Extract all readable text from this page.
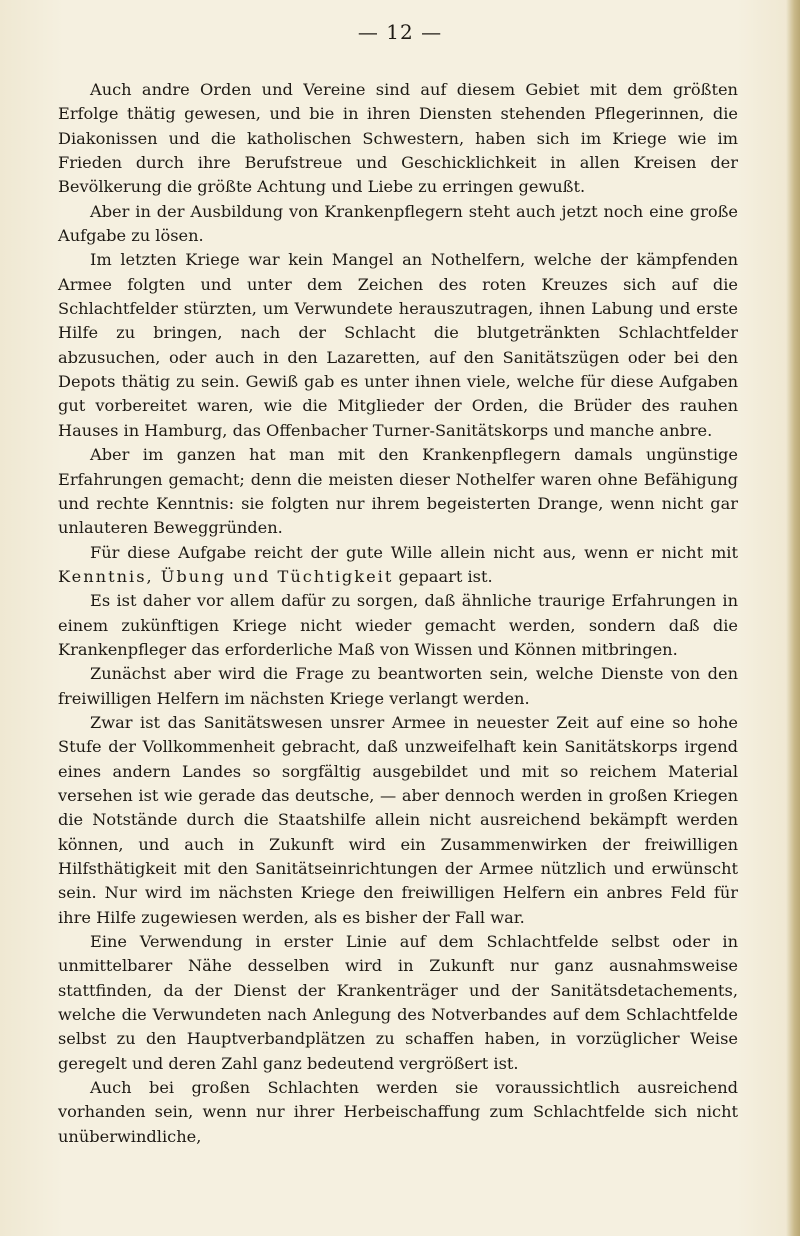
— 12 —

Auch andre Orden und Vereine sind auf diesem Gebiet mit dem größten Erfolge thätig gewesen, und bie in ihren Diensten stehenden Pflegerinnen, die Diakonissen und die katholischen Schwestern, haben sich im Kriege wie im Frieden durch ihre Berufstreue und Geschicklichkeit in allen Kreisen der Bevölkerung die größte Achtung und Liebe zu erringen gewußt.

Aber in der Ausbildung von Krankenpflegern steht auch jetzt noch eine große Aufgabe zu lösen.

Im letzten Kriege war kein Mangel an Nothelfern, welche der kämpfenden Armee folgten und unter dem Zeichen des roten Kreuzes sich auf die Schlachtfelder stürzten, um Verwundete herauszutragen, ihnen Labung und erste Hilfe zu bringen, nach der Schlacht die blutgetränkten Schlachtfelder abzusuchen, oder auch in den Lazaretten, auf den Sanitätszügen oder bei den Depots thätig zu sein. Gewiß gab es unter ihnen viele, welche für diese Aufgaben gut vorbereitet waren, wie die Mitglieder der Orden, die Brüder des rauhen Hauses in Hamburg, das Offenbacher Turner-Sanitätskorps und manche anbre.

Aber im ganzen hat man mit den Krankenpflegern damals ungünstige Erfahrungen gemacht; denn die meisten dieser Nothelfer waren ohne Befähigung und rechte Kenntnis: sie folgten nur ihrem begeisterten Drange, wenn nicht gar unlauteren Beweggründen.

Für diese Aufgabe reicht der gute Wille allein nicht aus, wenn er nicht mit Kenntnis, Übung und Tüchtigkeit gepaart ist.

Es ist daher vor allem dafür zu sorgen, daß ähnliche traurige Erfahrungen in einem zukünftigen Kriege nicht wieder gemacht werden, sondern daß die Krankenpfleger das erforderliche Maß von Wissen und Können mitbringen.

Zunächst aber wird die Frage zu beantworten sein, welche Dienste von den freiwilligen Helfern im nächsten Kriege verlangt werden.

Zwar ist das Sanitätswesen unsrer Armee in neuester Zeit auf eine so hohe Stufe der Vollkommenheit gebracht, daß unzweifelhaft kein Sanitätskorps irgend eines andern Landes so sorgfältig ausgebildet und mit so reichem Material versehen ist wie gerade das deutsche, — aber dennoch werden in großen Kriegen die Notstände durch die Staatshilfe allein nicht ausreichend bekämpft werden können, und auch in Zukunft wird ein Zusammenwirken der freiwilligen Hilfsthätigkeit mit den Sanitätseinrichtungen der Armee nützlich und erwünscht sein. Nur wird im nächsten Kriege den freiwilligen Helfern ein anbres Feld für ihre Hilfe zugewiesen werden, als es bisher der Fall war.

Eine Verwendung in erster Linie auf dem Schlachtfelde selbst oder in unmittelbarer Nähe desselben wird in Zukunft nur ganz ausnahmsweise stattfinden, da der Dienst der Krankenträger und der Sanitätsdetachements, welche die Verwundeten nach Anlegung des Notverbandes auf dem Schlachtfelde selbst zu den Hauptverbandplätzen zu schaffen haben, in vorzüglicher Weise geregelt und deren Zahl ganz bedeutend vergrößert ist.

Auch bei großen Schlachten werden sie voraussichtlich ausreichend vorhanden sein, wenn nur ihrer Herbeischaffung zum Schlachtfelde sich nicht unüberwindliche,
